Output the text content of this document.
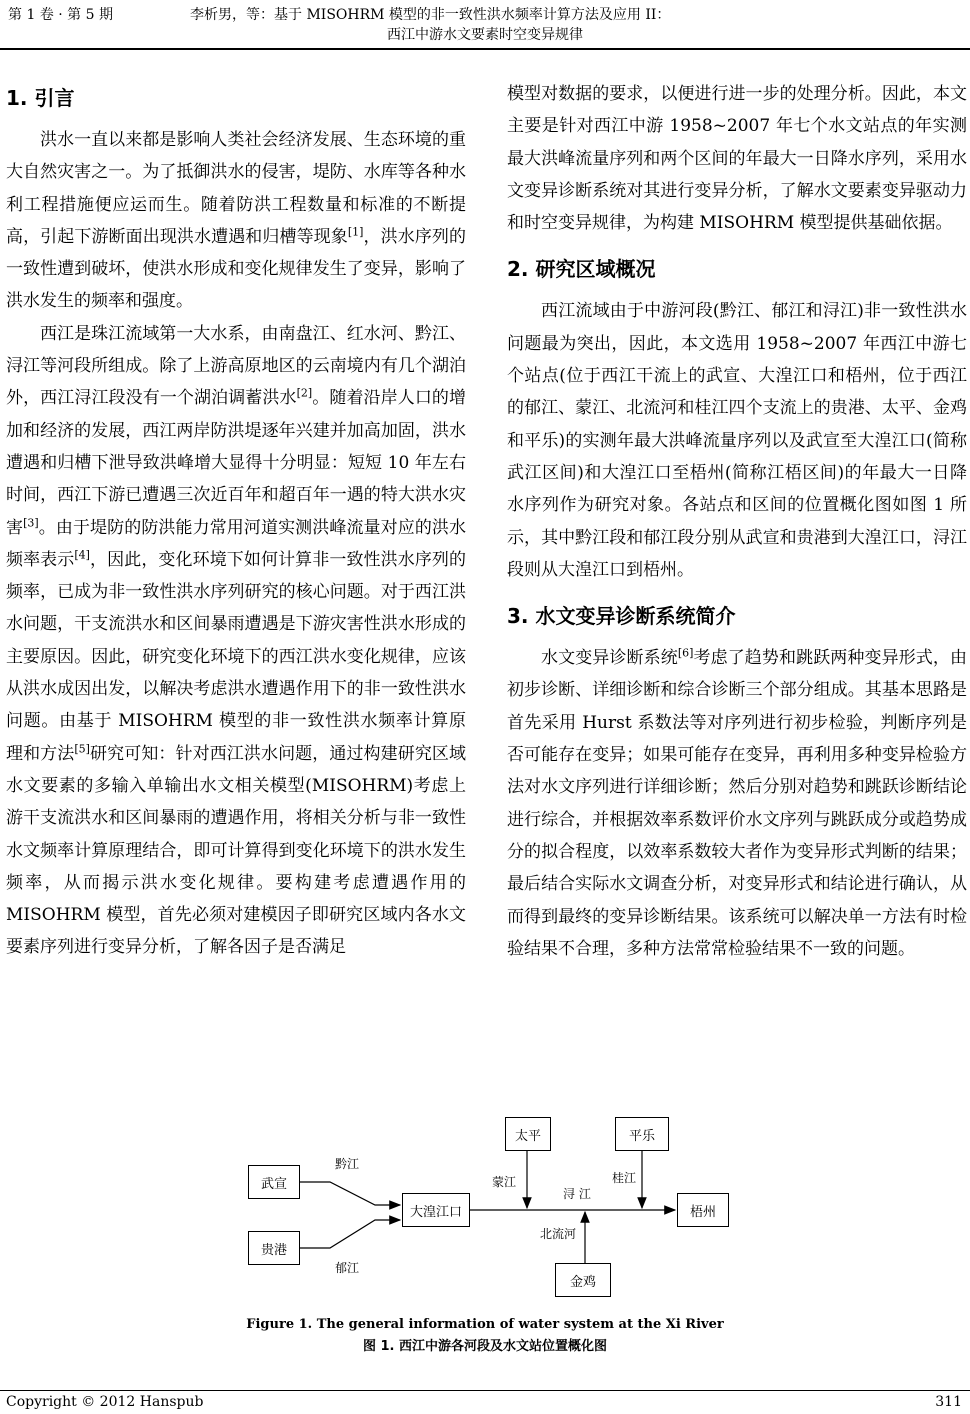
第 1 卷 · 第 5 期	李析男，等：基于 MISOHRM 模型的非一致性洪水频率计算方法及应用 II：
西江中游水文要素时空变异规律
1. 引言

洪水一直以来都是影响人类社会经济发展、生态环境的重大自然灾害之一。为了抵御洪水的侵害，堤防、水库等各种水利工程措施便应运而生。随着防洪工程数量和标准的不断提高，引起下游断面出现洪水遭遇和归槽等现象[1]，洪水序列的一致性遭到破坏，使洪水形成和变化规律发生了变异，影响了洪水发生的频率和强度。

西江是珠江流域第一大水系，由南盘江、红水河、黔江、浔江等河段所组成。除了上游高原地区的云南境内有几个湖泊外，西江浔江段没有一个湖泊调蓄洪水[2]。随着沿岸人口的增加和经济的发展，西江两岸防洪堤逐年兴建并加高加固，洪水遭遇和归槽下泄导致洪峰增大显得十分明显：短短 10 年左右时间，西江下游已遭遇三次近百年和超百年一遇的特大洪水灾害[3]。由于堤防的防洪能力常用河道实测洪峰流量对应的洪水频率表示[4]，因此，变化环境下如何计算非一致性洪水序列的频率，已成为非一致性洪水序列研究的核心问题。对于西江洪水问题，干支流洪水和区间暴雨遭遇是下游灾害性洪水形成的主要原因。因此，研究变化环境下的西江洪水变化规律，应该从洪水成因出发，以解决考虑洪水遭遇作用下的非一致性洪水问题。由基于 MISOHRM 模型的非一致性洪水频率计算原理和方法[5]研究可知：针对西江洪水问题，通过构建研究区域水文要素的多输入单输出水文相关模型(MISOHRM)考虑上游干支流洪水和区间暴雨的遭遇作用，将相关分析与非一致性水文频率计算原理结合，即可计算得到变化环境下的洪水发生频率，从而揭示洪水变化规律。要构建考虑遭遇作用的 MISOHRM 模型，首先必须对建模因子即研究区域内各水文要素序列进行变异分析，了解各因子是否满足

模型对数据的要求，以便进行进一步的处理分析。因此，本文主要是针对西江中游 1958~2007 年七个水文站点的年实测最大洪峰流量序列和两个区间的年最大一日降水序列，采用水文变异诊断系统对其进行变异分析，了解水文要素变异驱动力和时空变异规律，为构建 MISOHRM 模型提供基础依据。

2. 研究区域概况

西江流域由于中游河段(黔江、郁江和浔江)非一致性洪水问题最为突出，因此，本文选用 1958~2007 年西江中游七个站点(位于西江干流上的武宣、大湟江口和梧州，位于西江的郁江、蒙江、北流河和桂江四个支流上的贵港、太平、金鸡和平乐)的实测年最大洪峰流量序列以及武宣至大湟江口(简称武江区间)和大湟江口至梧州(简称江梧区间)的年最大一日降水序列作为研究对象。各站点和区间的位置概化图如图 1 所示，其中黔江段和郁江段分别从武宣和贵港到大湟江口，浔江段则从大湟江口到梧州。

3. 水文变异诊断系统简介

水文变异诊断系统[6]考虑了趋势和跳跃两种变异形式，由初步诊断、详细诊断和综合诊断三个部分组成。其基本思路是首先采用 Hurst 系数法等对序列进行初步检验，判断序列是否可能存在变异；如果可能存在变异，再利用多种变异检验方法对水文序列进行详细诊断；然后分别对趋势和跳跃诊断结论进行综合，并根据效率系数评价水文序列与跳跃成分或趋势成分的拟合程度，以效率系数较大者作为变异形式判断的结果；最后结合实际水文调查分析，对变异形式和结论进行确认，从而得到最终的变异诊断结果。该系统可以解决单一方法有时检验结果不合理，多种方法常常检验结果不一致的问题。

武宣
贵港
大湟江口
太平	平乐
梧州
金鸡
黔江
郁江
蒙江
浔 江
桂江
北流河
Figure 1. The general information of water system at the Xi River
图 1. 西江中游各河段及水文站位置概化图
Copyright © 2012 Hanspub	311
